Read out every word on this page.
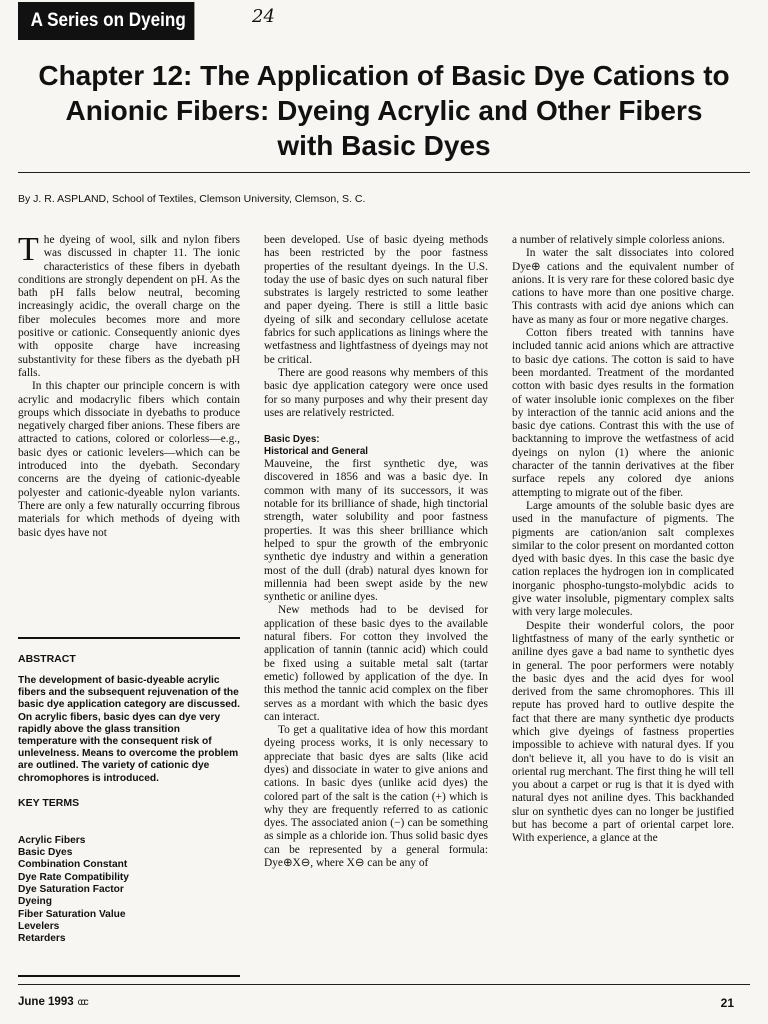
A Series on Dyeing	24
Chapter 12: The Application of Basic Dye Cations to
Anionic Fibers: Dyeing Acrylic and Other Fibers
with Basic Dyes
By J. R. ASPLAND, School of Textiles, Clemson University, Clemson, S. C.

The dyeing of wool, silk and nylon fibers was discussed in chapter 11. The ionic characteristics of these fibers in dyebath conditions are strongly dependent on pH. As the bath pH falls below neutral, becoming increasingly acidic, the overall charge on the fiber molecules becomes more and more positive or cationic. Consequently anionic dyes with opposite charge have increasing substantivity for these fibers as the dyebath pH falls.

In this chapter our principle concern is with acrylic and modacrylic fibers which contain groups which dissociate in dyebaths to produce negatively charged fiber anions. These fibers are attracted to cations, colored or colorless—e.g., basic dyes or cationic levelers—which can be introduced into the dyebath. Secondary concerns are the dyeing of cationic-dyeable polyester and cationic-dyeable nylon variants. There are only a few naturally occurring fibrous materials for which methods of dyeing with basic dyes have not

ABSTRACT
The development of basic-dyeable acrylic fibers and the subsequent rejuvenation of the basic dye application category are discussed. On acrylic fibers, basic dyes can dye very rapidly above the glass transition temperature with the consequent risk of unlevelness. Means to overcome the problem are outlined. The variety of cationic dye chromophores is introduced.
KEY TERMS
Acrylic Fibers
Basic Dyes
Combination Constant
Dye Rate Compatibility
Dye Saturation Factor
Dyeing
Fiber Saturation Value
Levelers
Retarders

been developed. Use of basic dyeing methods has been restricted by the poor fastness properties of the resultant dyeings. In the U.S. today the use of basic dyes on such natural fiber substrates is largely restricted to some leather and paper dyeing. There is still a little basic dyeing of silk and secondary cellulose acetate fabrics for such applications as linings where the wetfastness and lightfastness of dyeings may not be critical.

There are good reasons why members of this basic dye application category were once used for so many purposes and why their present day uses are relatively restricted.

Basic Dyes:
Historical and General

Mauveine, the first synthetic dye, was discovered in 1856 and was a basic dye. In common with many of its successors, it was notable for its brilliance of shade, high tinctorial strength, water solubility and poor fastness properties. It was this sheer brilliance which helped to spur the growth of the embryonic synthetic dye industry and within a generation most of the dull (drab) natural dyes known for millennia had been swept aside by the new synthetic or aniline dyes.

New methods had to be devised for application of these basic dyes to the available natural fibers. For cotton they involved the application of tannin (tannic acid) which could be fixed using a suitable metal salt (tartar emetic) followed by application of the dye. In this method the tannic acid complex on the fiber serves as a mordant with which the basic dyes can interact.

To get a qualitative idea of how this mordant dyeing process works, it is only necessary to appreciate that basic dyes are salts (like acid dyes) and dissociate in water to give anions and cations. In basic dyes (unlike acid dyes) the colored part of the salt is the cation (+) which is why they are frequently referred to as cationic dyes. The associated anion (−) can be something as simple as a chloride ion. Thus solid basic dyes can be represented by a general formula: Dye⊕X⊖, where X⊖ can be any of

a number of relatively simple colorless anions.

In water the salt dissociates into colored Dye⊕ cations and the equivalent number of anions. It is very rare for these colored basic dye cations to have more than one positive charge. This contrasts with acid dye anions which can have as many as four or more negative charges.

Cotton fibers treated with tannins have included tannic acid anions which are attractive to basic dye cations. The cotton is said to have been mordanted. Treatment of the mordanted cotton with basic dyes results in the formation of water insoluble ionic complexes on the fiber by interaction of the tannic acid anions and the basic dye cations. Contrast this with the use of backtanning to improve the wetfastness of acid dyeings on nylon (1) where the anionic character of the tannin derivatives at the fiber surface repels any colored dye anions attempting to migrate out of the fiber.

Large amounts of the soluble basic dyes are used in the manufacture of pigments. The pigments are cation/anion salt complexes similar to the color present on mordanted cotton dyed with basic dyes. In this case the basic dye cation replaces the hydrogen ion in complicated inorganic phospho-tungsto-molybdic acids to give water insoluble, pigmentary complex salts with very large molecules.

Despite their wonderful colors, the poor lightfastness of many of the early synthetic or aniline dyes gave a bad name to synthetic dyes in general. The poor performers were notably the basic dyes and the acid dyes for wool derived from the same chromophores. This ill repute has proved hard to outlive despite the fact that there are many synthetic dye products which give dyeings of fastness properties impossible to achieve with natural dyes. If you don't believe it, all you have to do is visit an oriental rug merchant. The first thing he will tell you about a carpet or rug is that it is dyed with natural dyes not aniline dyes. This backhanded slur on synthetic dyes can no longer be justified but has become a part of oriental carpet lore. With experience, a glance at the

June 1993 ccc	21
